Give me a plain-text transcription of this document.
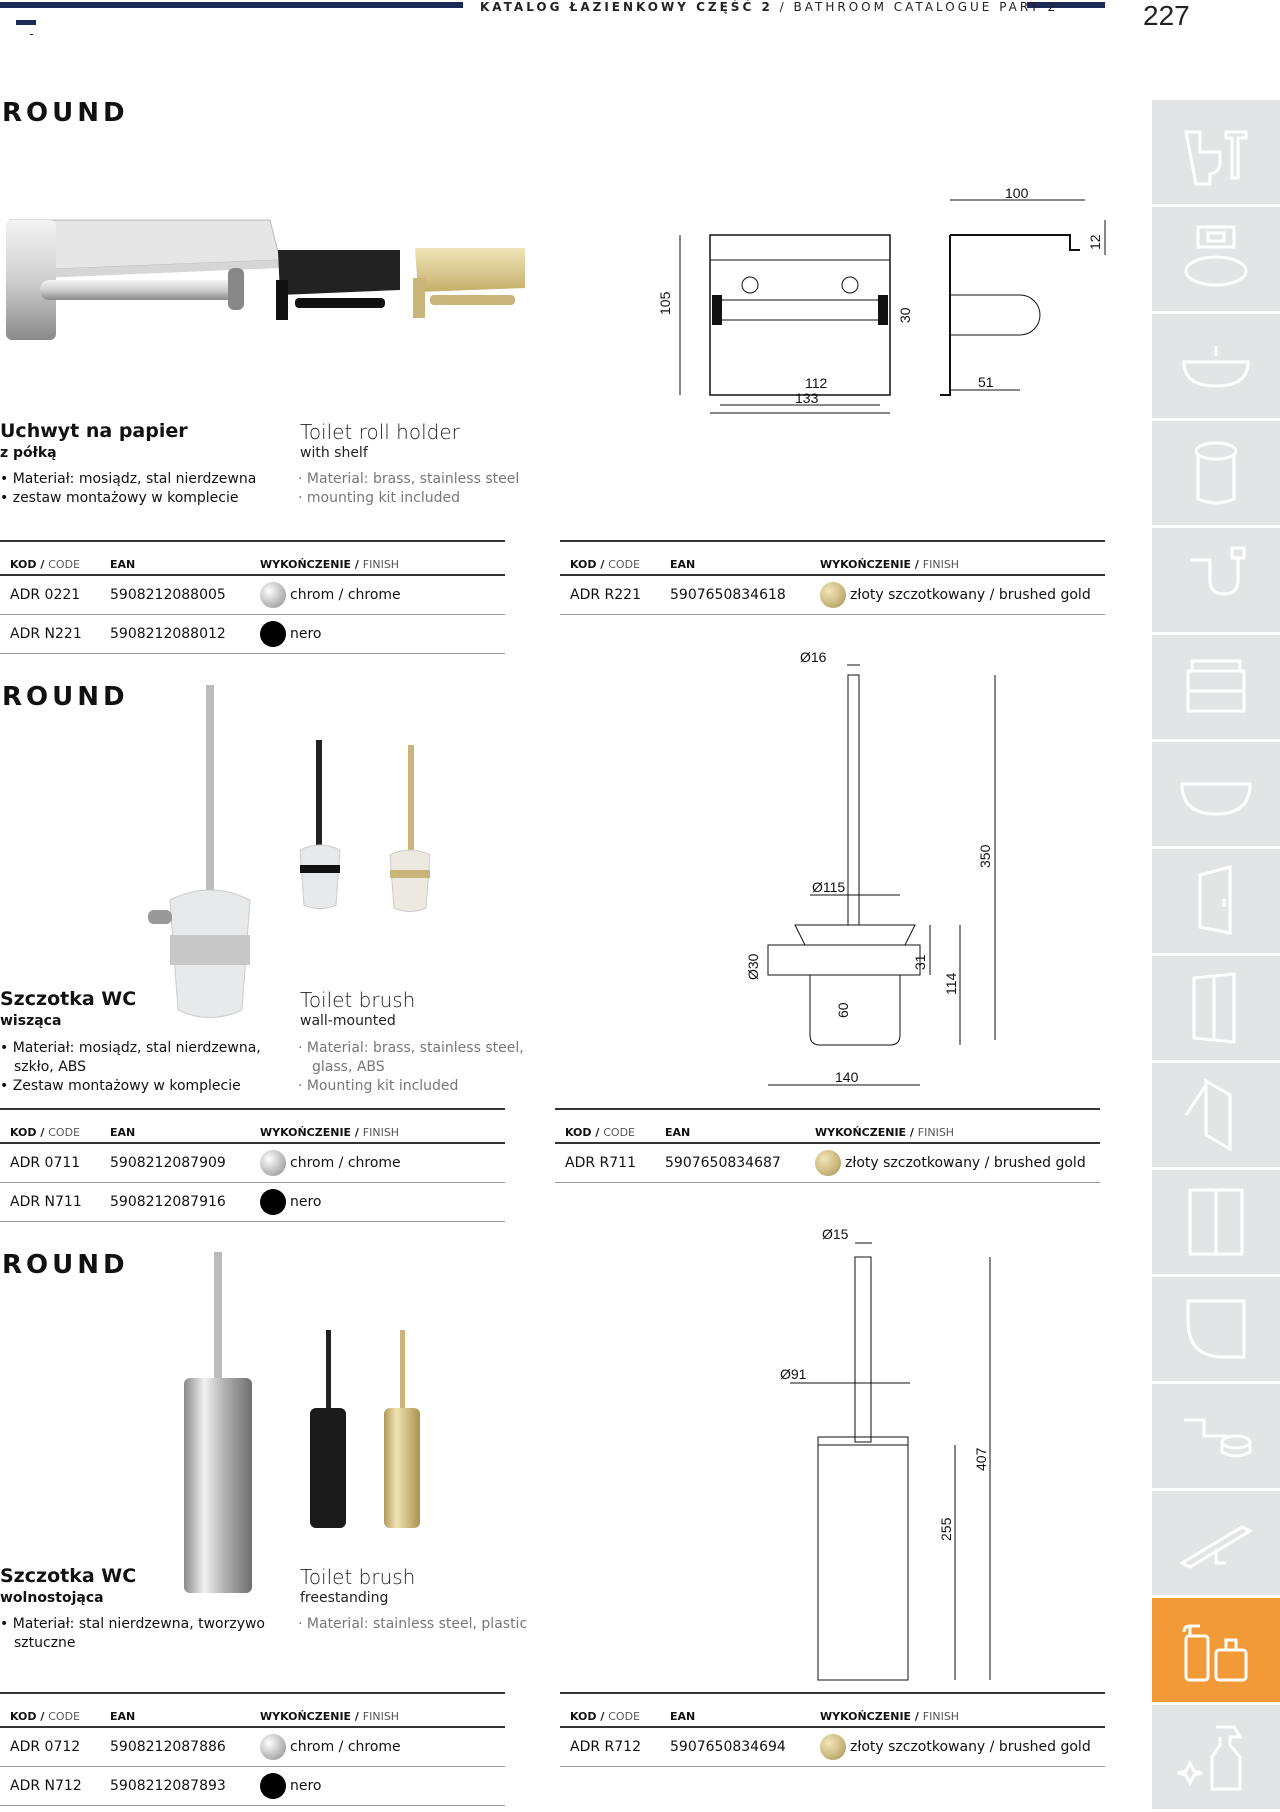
KATALOG ŁAZIENKOWY CZĘŚĆ 2 / BATHROOM CATALOGUE PART 2	227
ROUND
105
112
133
100
12
30
51
Uchwyt na papier
z półką
Toilet roll holder
with shelf
• Materiał: mosiądz, stal nierdzewna
• zestaw montażowy w komplecie
· Material: brass, stainless steel
· mounting kit included
KOD / CODE	EAN	WYKOŃCZENIE / FINISH
ADR 0221	5908212088005	chrom / chrome
ADR N221	5908212088012	nero
KOD / CODE	EAN	WYKOŃCZENIE / FINISH
ADR R221	5907650834618	złoty szczotkowany / brushed gold
ROUND
Ø16
350
Ø115
Ø30	31
114
60
140
Szczotka WC
wisząca
Toilet brush
wall-mounted
• Materiał: mosiądz, stal nierdzewna, szkło, ABS
• Zestaw montażowy w komplecie
· Material: brass, stainless steel, glass, ABS
· Mounting kit included
KOD / CODE	EAN	WYKOŃCZENIE / FINISH
ADR 0711	5908212087909	chrom / chrome
ADR N711	5908212087916	nero
KOD / CODE	EAN	WYKOŃCZENIE / FINISH
ADR R711	5907650834687	złoty szczotkowany / brushed gold
ROUND
Ø15
Ø91
407
255
Szczotka WC
wolnostojąca
Toilet brush
freestanding
• Materiał: stal nierdzewna, tworzywo sztuczne
· Material: stainless steel, plastic
KOD / CODE	EAN	WYKOŃCZENIE / FINISH
ADR 0712	5908212087886	chrom / chrome
ADR N712	5908212087893	nero
KOD / CODE	EAN	WYKOŃCZENIE / FINISH
ADR R712	5907650834694	złoty szczotkowany / brushed gold
